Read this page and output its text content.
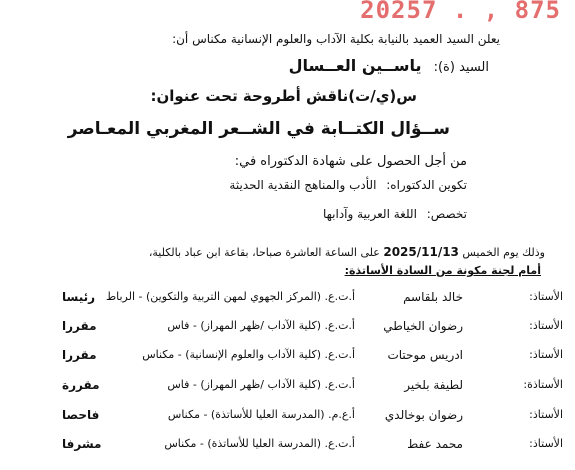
20257 . , 875
يعلن السيد العميد بالنيابة بكلية الآداب والعلوم الإنسانية مكناس أن:
السيد (ة): ياســين العــسال
س(ي/ت)ناقش أطروحة تحت عنوان:
ســؤال الكتــابة في الشــعر المغربي المعـاصر
من أجل الحصول على شهادة الدكتوراه في:
تكوين الدكتوراه: الأدب والمناهج النقدية الحديثة
تخصص: اللغة العربية وآدابها
وذلك يوم الخميس 2025/11/13 على الساعة العاشرة صباحا، بقاعة ابن عباد بالكلية،
أمام لجنة مكونة من السادة الأساتذة:
الأستاذ:
خالد بلقاسم
أ.ت.ع. (المركز الجهوي لمهن التربية والتكوين) - الرباط
رئيسا
الأستاذ:
رضوان الخياطي
أ.ت.ع. (كلية الآداب /ظهر المهراز) - فاس
مقررا
الأستاذ:
ادريس موحتات
أ.ت.ع. (كلية الآداب والعلوم الإنسانية) - مكناس
مقررا
الأستاذة:
لطيفة بلخير
أ.ت.ع. (كلية الآداب /ظهر المهراز) - فاس
مقررة
الأستاذ:
رضوان بوخالدي
أ.ع.م. (المدرسة العليا للأساتذة) - مكناس
فاحصا
الأستاذ:
محمد عفط
أ.ت.ع. (المدرسة العليا للأساتذة) - مكناس
مشرفا
